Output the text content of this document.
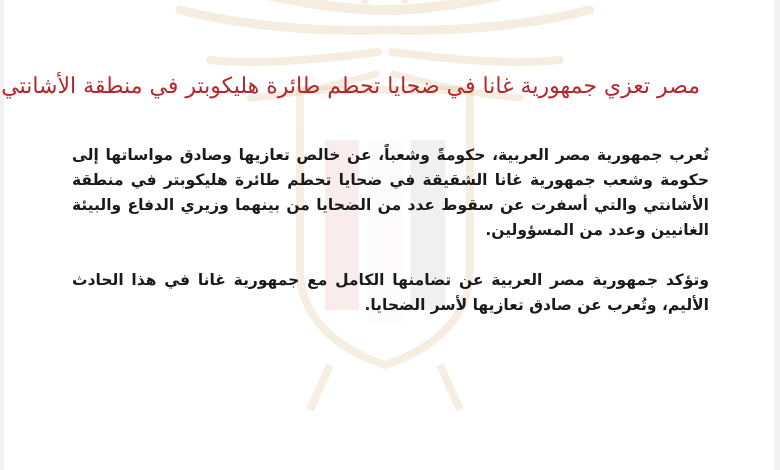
مصر تعزي جمهورية غانا في ضحايا تحطم طائرة هليكوبتر في منطقة الأشانتي

تُعرب جمهورية مصر العربية، حكومةً وشعباً، عن خالص تعازيها وصادق مواساتها إلى حكومة وشعب جمهورية غانا الشقيقة في ضحايا تحطم طائرة هليكوبتر في منطقة الأشانتي والتي أسفرت عن سقوط عدد من الضحايا من بينهما وزيري الدفاع والبيئة الغانيين وعدد من المسؤولين.

وتؤكد جمهورية مصر العربية عن تضامنها الكامل مع جمهورية غانا في هذا الحادث الأليم، وتُعرب عن صادق تعازيها لأسر الضحايا.
